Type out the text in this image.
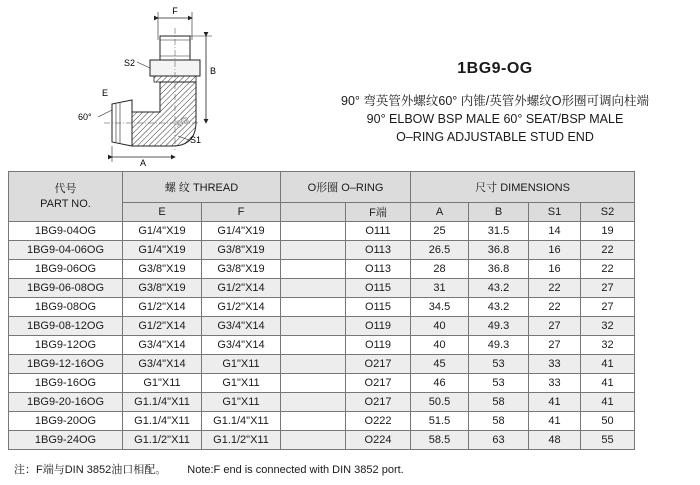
F
SG
S2
B
60°
E
S1
A
1BG9-OG
90° 弯英管外螺纹60° 内锥/英管外螺纹O形圈可调向柱端
90° ELBOW BSP MALE 60° SEAT/BSP MALE
O–RING ADJUSTABLE STUD END
代号
PART NO.	螺 纹 THREAD		O形圈 O–RING		尺寸 DIMENSIONS			
	E	F		F端	A	B	S1	S2
1BG9-04OG	G1/4"X19	G1/4"X19		O111	25	31.5	14	19
1BG9-04-06OG	G1/4"X19	G3/8"X19		O113	26.5	36.8	16	22
1BG9-06OG	G3/8"X19	G3/8"X19		O113	28	36.8	16	22
1BG9-06-08OG	G3/8"X19	G1/2"X14		O115	31	43.2	22	27
1BG9-08OG	G1/2"X14	G1/2"X14		O115	34.5	43.2	22	27
1BG9-08-12OG	G1/2"X14	G3/4"X14		O119	40	49.3	27	32
1BG9-12OG	G3/4"X14	G3/4"X14		O119	40	49.3	27	32
1BG9-12-16OG	G3/4"X14	G1"X11		O217	45	53	33	41
1BG9-16OG	G1"X11	G1"X11		O217	46	53	33	41
1BG9-20-16OG	G1.1/4"X11	G1"X11		O217	50.5	58	41	41
1BG9-20OG	G1.1/4"X11	G1.1/4"X11		O222	51.5	58	41	50
1BG9-24OG	G1.1/2"X11	G1.1/2"X11		O224	58.5	63	48	55
注：F端与DIN 3852油口相配。 Note:F end is connected with DIN 3852 port.
